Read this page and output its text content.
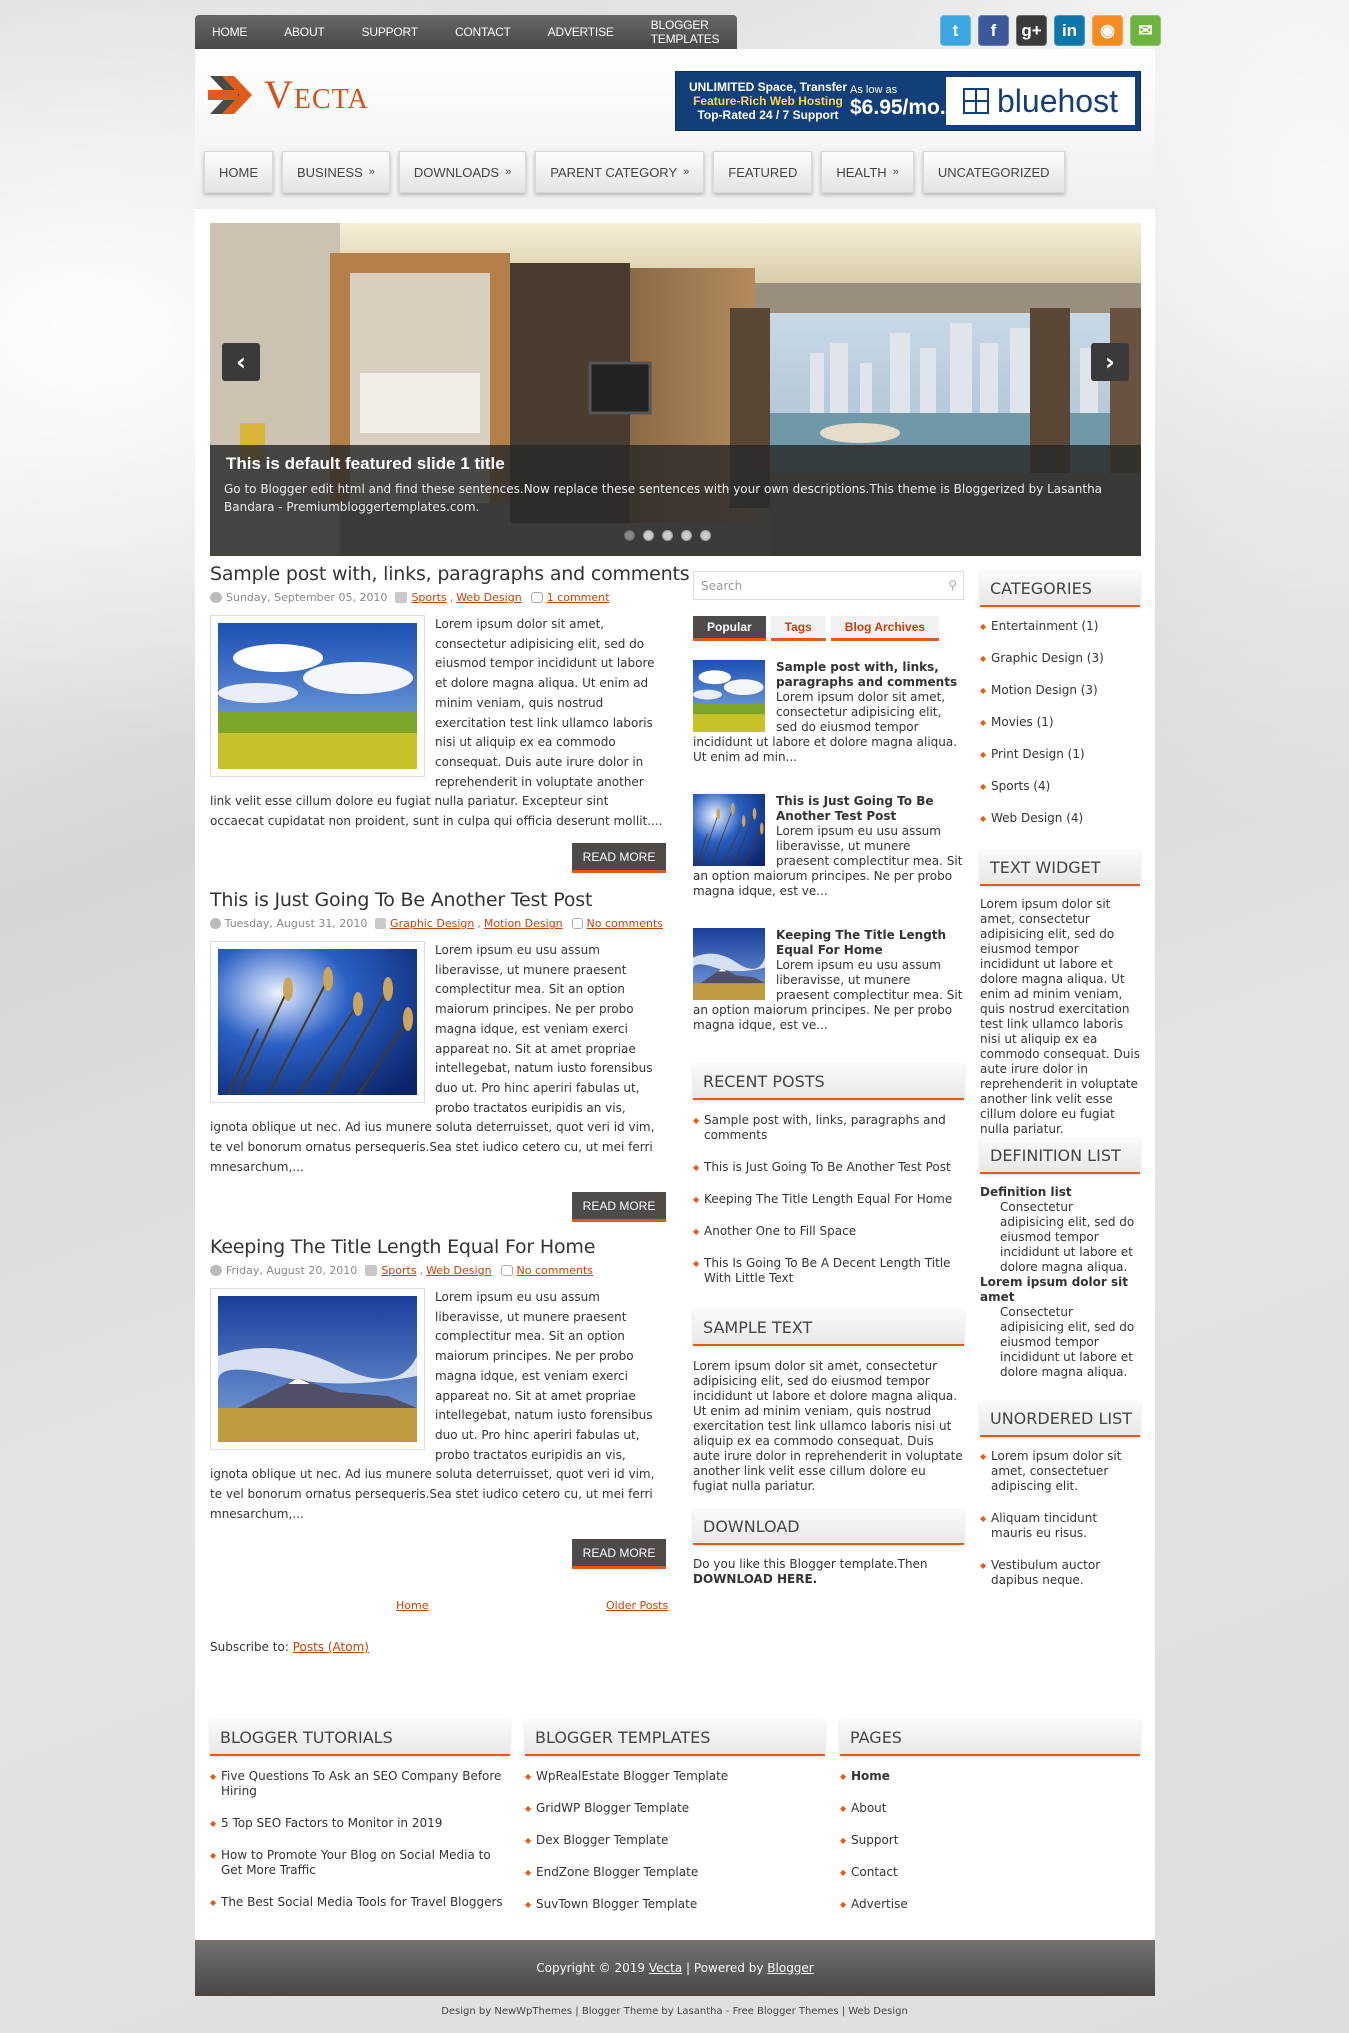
HOME	ABOUT	SUPPORT	CONTACT	ADVERTISE	BLOGGER TEMPLATES	t f g+ in ◉ ✉
Vecta	UNLIMITED Space, Transfer
Feature-Rich Web Hosting
Top-Rated 24 / 7 Support
As low as
$6.95/mo. bluehost
HOME	BUSINESS »	DOWNLOADS »	PARENT CATEGORY »	FEATURED	HEALTH »	UNCATEGORIZED
‹	›
This is default featured slide 1 title
Go to Blogger edit html and find these sentences.Now replace these sentences with your own descriptions.This theme is Bloggerized by Lasantha Bandara - Premiumbloggertemplates.com.
Sample post with, links, paragraphs and comments
Sunday, September 05, 2010 Sports , Web Design 1 comment
Lorem ipsum dolor sit amet, consectetur adipisicing elit, sed do eiusmod tempor incididunt ut labore et dolore magna aliqua. Ut enim ad minim veniam, quis nostrud exercitation test link ullamco laboris nisi ut aliquip ex ea commodo consequat. Duis aute irure dolor in reprehenderit in voluptate another link velit esse cillum dolore eu fugiat nulla pariatur. Excepteur sint occaecat cupidatat non proident, sunt in culpa qui officia deserunt mollit....
READ MORE
This is Just Going To Be Another Test Post
Tuesday, August 31, 2010 Graphic Design , Motion Design No comments
Lorem ipsum eu usu assum liberavisse, ut munere praesent complectitur mea. Sit an option maiorum principes. Ne per probo magna idque, est veniam exerci appareat no. Sit at amet propriae intellegebat, natum iusto forensibus duo ut. Pro hinc aperiri fabulas ut, probo tractatos euripidis an vis, ignota oblique ut nec. Ad ius munere soluta deterruisset, quot veri id vim, te vel bonorum ornatus persequeris.Sea stet iudico cetero cu, ut mei ferri mnesarchum,...
READ MORE
Keeping The Title Length Equal For Home
Friday, August 20, 2010 Sports , Web Design No comments
Lorem ipsum eu usu assum liberavisse, ut munere praesent complectitur mea. Sit an option maiorum principes. Ne per probo magna idque, est veniam exerci appareat no. Sit at amet propriae intellegebat, natum iusto forensibus duo ut. Pro hinc aperiri fabulas ut, probo tractatos euripidis an vis, ignota oblique ut nec. Ad ius munere soluta deterruisset, quot veri id vim, te vel bonorum ornatus persequeris.Sea stet iudico cetero cu, ut mei ferri mnesarchum,...
READ MORE
Home	Older Posts
Subscribe to: Posts (Atom)
Search	⚲
Popular	Tags	Blog Archives
Sample post with, links, paragraphs and comments
Lorem ipsum dolor sit amet, consectetur adipisicing elit, sed do eiusmod tempor incididunt ut labore et dolore magna aliqua. Ut enim ad min...
This is Just Going To Be Another Test Post
Lorem ipsum eu usu assum liberavisse, ut munere praesent complectitur mea. Sit an option maiorum principes. Ne per probo magna idque, est ve...
Keeping The Title Length Equal For Home
Lorem ipsum eu usu assum liberavisse, ut munere praesent complectitur mea. Sit an option maiorum principes. Ne per probo magna idque, est ve...
RECENT POSTS
◆ Sample post with, links, paragraphs and comments
◆ This is Just Going To Be Another Test Post
◆ Keeping The Title Length Equal For Home
◆ Another One to Fill Space
◆ This Is Going To Be A Decent Length Title With Little Text
SAMPLE TEXT
Lorem ipsum dolor sit amet, consectetur adipisicing elit, sed do eiusmod tempor incididunt ut labore et dolore magna aliqua. Ut enim ad minim veniam, quis nostrud exercitation test link ullamco laboris nisi ut aliquip ex ea commodo consequat. Duis aute irure dolor in reprehenderit in voluptate another link velit esse cillum dolore eu fugiat nulla pariatur.
DOWNLOAD
Do you like this Blogger template.Then
DOWNLOAD HERE.
CATEGORIES
◆ Entertainment (1)
◆ Graphic Design (3)
◆ Motion Design (3)
◆ Movies (1)
◆ Print Design (1)
◆ Sports (4)
◆ Web Design (4)
TEXT WIDGET
Lorem ipsum dolor sit amet, consectetur adipisicing elit, sed do eiusmod tempor incididunt ut labore et dolore magna aliqua. Ut enim ad minim veniam, quis nostrud exercitation test link ullamco laboris nisi ut aliquip ex ea commodo consequat. Duis aute irure dolor in reprehenderit in voluptate another link velit esse cillum dolore eu fugiat nulla pariatur.
DEFINITION LIST
Definition list
Consectetur adipisicing elit, sed do eiusmod tempor incididunt ut labore et dolore magna aliqua.
Lorem ipsum dolor sit amet
Consectetur adipisicing elit, sed do eiusmod tempor incididunt ut labore et dolore magna aliqua.
UNORDERED LIST
◆ Lorem ipsum dolor sit amet, consectetuer adipiscing elit.
◆ Aliquam tincidunt mauris eu risus.
◆ Vestibulum auctor dapibus neque.
BLOGGER TUTORIALS
◆ Five Questions To Ask an SEO Company Before Hiring
◆ 5 Top SEO Factors to Monitor in 2019
◆ How to Promote Your Blog on Social Media to Get More Traffic
◆ The Best Social Media Tools for Travel Bloggers
BLOGGER TEMPLATES
◆ WpRealEstate Blogger Template
◆ GridWP Blogger Template
◆ Dex Blogger Template
◆ EndZone Blogger Template
◆ SuvTown Blogger Template
PAGES
◆ Home
◆ About
◆ Support
◆ Contact
◆ Advertise
Copyright © 2019
Vecta
| Powered by
Blogger
Design by NewWpThemes | Blogger Theme by Lasantha - Free Blogger Themes | Web Design
